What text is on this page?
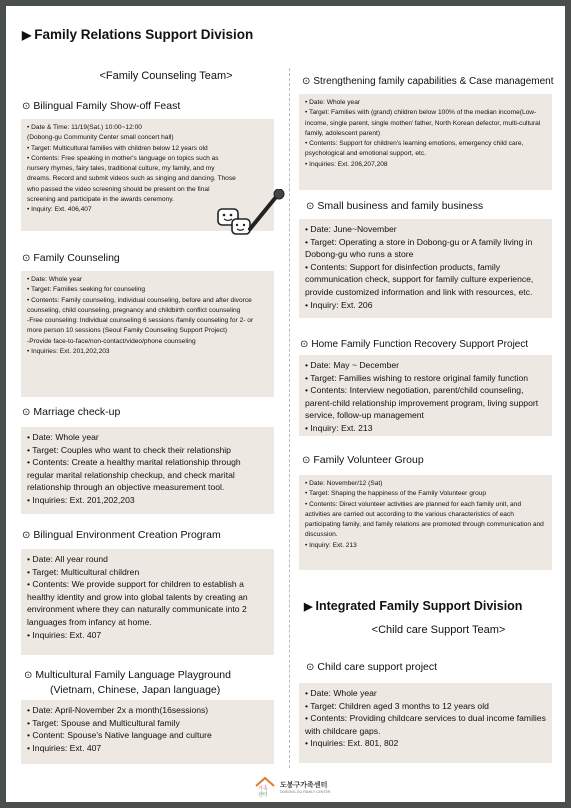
▶ Family Relations Support Division
<Family Counseling Team>
⊙ Bilingual Family Show-off Feast
• Date & Time: 11/19(Sat.) 10:00~12:00
(Dobong-gu Community Center small concert hall)
• Target: Multicultural families with children below 12 years old
• Contents: Free speaking in mother's language on topics such as nursery rhymes, fairy tales, traditional culture, my family, and my dreams. Record and submit videos such as singing and dancing. Those who passed the video screening should be present on the final screening and participate in the awards ceremony.
• Inquiry: Ext. 406,407
⊙ Family Counseling
• Date: Whole year
• Target: Families seeking for counseling
• Contents: Family counseling, individual counseling, before and after divorce counseling, child counseling, pregnancy and childbirth conflict counseling
-Free counseling: Individual counseling 6 sessions /family counseling for 2- or more person 10 sessions (Seoul Family Counseling Support Project)
-Provide face-to-face/non-contact/video/phone counseling
• Inquiries: Ext. 201,202,203
⊙ Marriage check-up
• Date: Whole year
• Target: Couples who want to check their relationship
• Contents: Create a healthy marital relationship through regular marital relationship checkup, and check marital relationship through an objective measurement tool.
• Inquiries: Ext. 201,202,203
⊙ Bilingual Environment Creation Program
• Date: All year round
• Target: Multicultural children
• Contents: We provide support for children to establish a healthy identity and grow into global talents by creating an environment where they can naturally communicate into 2 languages from infancy at home.
• Inquiries: Ext. 407
⊙ Multicultural Family Language Playground
(Vietnam, Chinese, Japan language)
• Date: April-November 2x a month(16sessions)
• Target: Spouse and Multicultural family
• Content: Spouse's Native language and culture
• Inquiries: Ext. 407
⊙ Strengthening family capabilities & Case management
• Date: Whole year
• Target: Families with (grand) children below 100% of the median income(Low-income, single parent, single mother/ father, North Korean defector, multi-cultural family, adolescent parent)
• Contents: Support for children's learning emotions, emergency child care, psychological and emotional support, etc.
• Inquiries: Ext. 206,207,208
⊙ Small business and family business
• Date: June~November
• Target: Operating a store in Dobong-gu or A family living in Dobong-gu who runs a store
• Contents: Support for disinfection products, family communication check, support for family culture experience, provide customized information and link with resources, etc.
• Inquiry: Ext. 206
⊙ Home Family Function Recovery Support Project
• Date: May ~ December
• Target: Families wishing to restore original family function
• Contents: Interview negotiation, parent/child counseling, parent-child relationship improvement program, living support service, follow-up management
• Inquiry: Ext. 213
⊙ Family Volunteer Group
• Date: November/12 (Sat)
• Target: Shaping the happiness of the Family Volunteer group
• Contents: Direct volunteer activities are planned for each family unit, and activities are carried out according to the various characteristics of each participating family, and family relations are promoted through communication and discussion.
• Inquiry: Ext. 213
▶ Integrated Family Support Division
<Child care Support Team>
⊙ Child care support project
• Date: Whole year
• Target: Children aged 3 months to 12 years old
• Contents: Providing childcare services to dual income families with childcare gaps.
• Inquiries: Ext. 801, 802
가족
센터
도봉구가족센터
DOBONG-GU FAMILY CENTER
